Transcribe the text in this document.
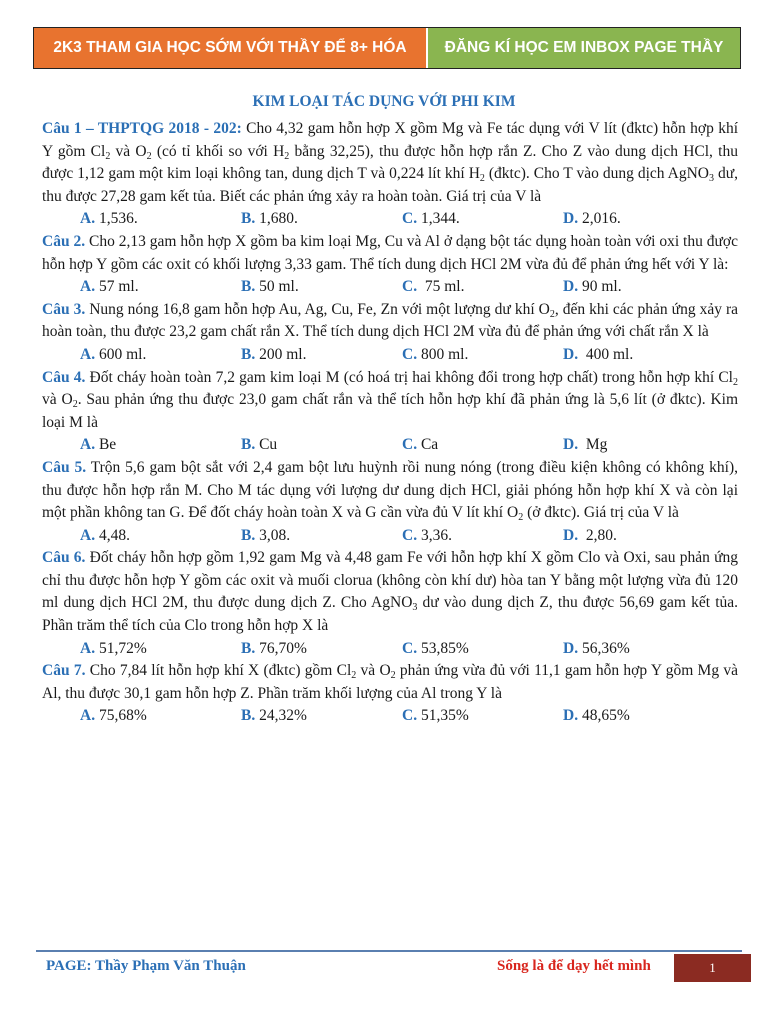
2K3 THAM GIA HỌC SỚM VỚI THẦY ĐỂ 8+ HÓA	ĐĂNG KÍ HỌC EM INBOX PAGE THẦY
KIM LOẠI TÁC DỤNG VỚI PHI KIM

Câu 1 – THPTQG 2018 - 202: Cho 4,32 gam hỗn hợp X gồm Mg và Fe tác dụng với V lít (đktc) hỗn hợp khí Y gồm $Cl_2$ và $O_2$ (có tỉ khối so với $H_2$ bằng 32,25), thu được hỗn hợp rắn Z. Cho Z vào dung dịch HCl, thu được 1,12 gam một kim loại không tan, dung dịch T và 0,224 lít khí $H_2$ (đktc). Cho T vào dung dịch AgNO$_3$ dư, thu được 27,28 gam kết tủa. Biết các phản ứng xảy ra hoàn toàn. Giá trị của V là

A. 1,536.	B. 1,680.	C. 1,344.	D. 2,016.

Câu 2. Cho 2,13 gam hỗn hợp X gồm ba kim loại Mg, Cu và Al ở dạng bột tác dụng hoàn toàn với oxi thu được hỗn hợp Y gồm các oxit có khối lượng 3,33 gam. Thể tích dung dịch HCl 2M vừa đủ để phản ứng hết với Y là:

A. 57 ml.	B. 50 ml.	C.  75 ml.	D. 90 ml.

Câu 3. Nung nóng 16,8 gam hỗn hợp Au, Ag, Cu, Fe, Zn với một lượng dư khí $O_2$, đến khi các phản ứng xảy ra hoàn toàn, thu được 23,2 gam chất rắn X. Thể tích dung dịch HCl 2M vừa đủ để phản ứng với chất rắn X là

A. 600 ml.	B. 200 ml.	C. 800 ml.	D.  400 ml.

Câu 4. Đốt cháy hoàn toàn 7,2 gam kim loại M (có hoá trị hai không đổi trong hợp chất) trong hỗn hợp khí $Cl_2$ và $O_2$. Sau phản ứng thu được 23,0 gam chất rắn và thể tích hỗn hợp khí đã phản ứng là 5,6 lít (ở đktc). Kim loại M là

A. Be	B. Cu	C. Ca	D.  Mg

Câu 5. Trộn 5,6 gam bột sắt với 2,4 gam bột lưu huỳnh rồi nung nóng (trong điều kiện không có không khí), thu được hỗn hợp rắn M. Cho M tác dụng với lượng dư dung dịch HCl, giải phóng hỗn hợp khí X và còn lại một phần không tan G. Để đốt cháy hoàn toàn X và G cần vừa đủ V lít khí $O_2$ (ở đktc). Giá trị của V là

A. 4,48.	B. 3,08.	C. 3,36.	D.  2,80.

Câu 6. Đốt cháy hỗn hợp gồm 1,92 gam Mg và 4,48 gam Fe với hỗn hợp khí X gồm Clo và Oxi, sau phản ứng chỉ thu được hỗn hợp Y gồm các oxit và muối clorua (không còn khí dư) hòa tan Y bằng một lượng vừa đủ 120 ml dung dịch HCl 2M, thu được dung dịch Z. Cho AgNO$_3$ dư vào dung dịch Z, thu được 56,69 gam kết tủa. Phần trăm thể tích của Clo trong hỗn hợp X là

A. 51,72%	B. 76,70%	C. 53,85%	D. 56,36%

Câu 7. Cho 7,84 lít hỗn hợp khí X (đktc) gồm $Cl_2$ và $O_2$ phản ứng vừa đủ với 11,1 gam hỗn hợp Y gồm Mg và Al, thu được 30,1 gam hỗn hợp Z. Phần trăm khối lượng của Al trong Y là

A. 75,68%	B. 24,32%	C. 51,35%	D. 48,65%
PAGE: Thầy Phạm Văn Thuận	Sống là để dạy hết mình	1
